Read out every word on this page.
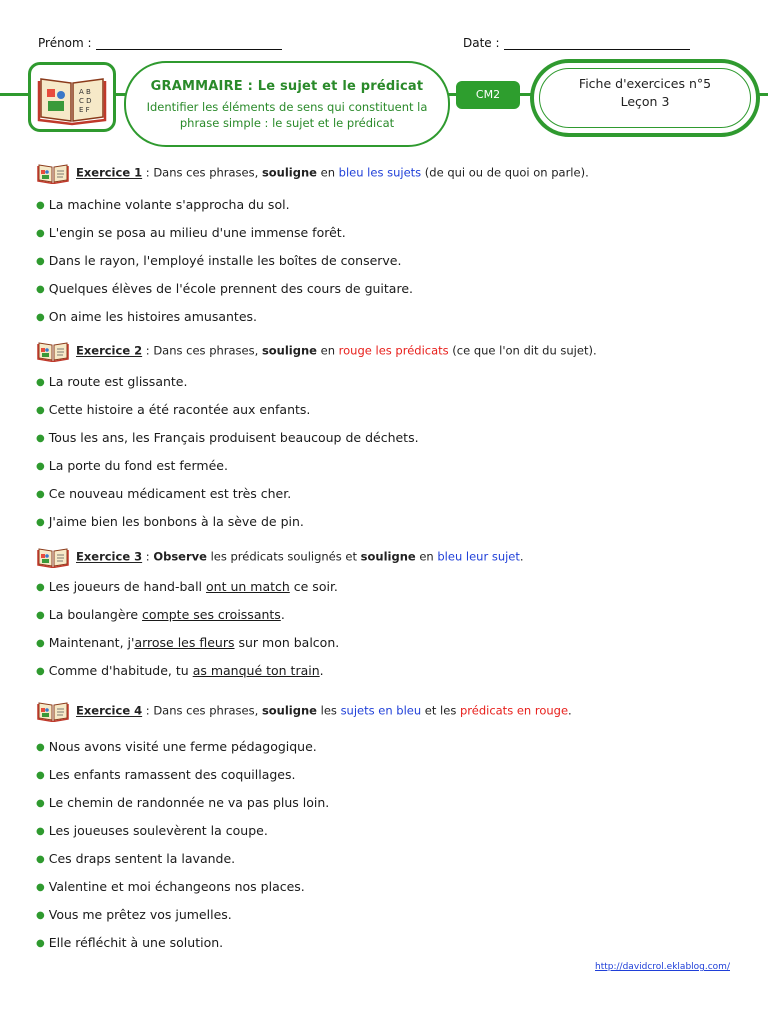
Prénom :	Date :
A B
C D
E F
GRAMMAIRE : Le sujet et le prédicat
Identifier les éléments de sens qui constituent la phrase simple : le sujet et le prédicat
CM2
Fiche d'exercices n°5
Leçon 3
Exercice 1 : Dans ces phrases, souligne en bleu les sujets (de qui ou de quoi on parle).
● La machine volante s'approcha du sol.
● L'engin se posa au milieu d'une immense forêt.
● Dans le rayon, l'employé installe les boîtes de conserve.
● Quelques élèves de l'école prennent des cours de guitare.
● On aime les histoires amusantes.
Exercice 2 : Dans ces phrases, souligne en rouge les prédicats (ce que l'on dit du sujet).
● La route est glissante.
● Cette histoire a été racontée aux enfants.
● Tous les ans, les Français produisent beaucoup de déchets.
● La porte du fond est fermée.
● Ce nouveau médicament est très cher.
● J'aime bien les bonbons à la sève de pin.
Exercice 3 : Observe les prédicats soulignés et souligne en bleu leur sujet.
● Les joueurs de hand-ball ont un match ce soir.
● La boulangère compte ses croissants.
● Maintenant, j'arrose les fleurs sur mon balcon.
● Comme d'habitude, tu as manqué ton train.
Exercice 4 : Dans ces phrases, souligne les sujets en bleu et les prédicats en rouge.
● Nous avons visité une ferme pédagogique.
● Les enfants ramassent des coquillages.
● Le chemin de randonnée ne va pas plus loin.
● Les joueuses soulevèrent la coupe.
● Ces draps sentent la lavande.
● Valentine et moi échangeons nos places.
● Vous me prêtez vos jumelles.
● Elle réfléchit à une solution.
http://davidcrol.eklablog.com/
